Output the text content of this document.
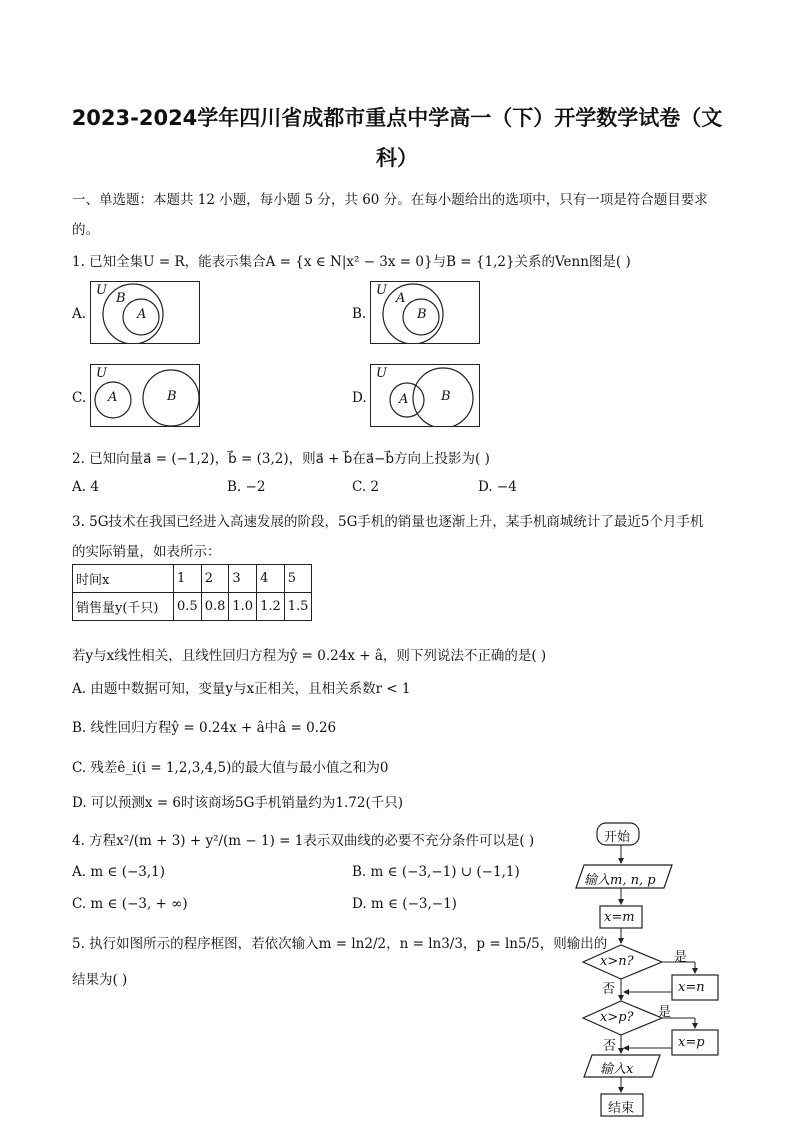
2023-2024学年四川省成都市重点中学高一（下）开学数学试卷（文
科）
一、单选题：本题共 12 小题，每小题 5 分，共 60 分。在每小题给出的选项中，只有一项是符合题目要求
的。
1. 已知全集U = R，能表示集合A = {x ∈ N|x² − 3x = 0}与B = {1,2}关系的Venn图是( )
A.
U
B
A	B.
U
A
B
C.
U
A	B	D.
U
A	B
2. 已知向量a⃗ = (−1,2)，b⃗ = (3,2)，则a⃗ + b⃗在a⃗−b⃗方向上投影为( )
A. 4	B. −2	C. 2	D. −4
3. 5G技术在我国已经进入高速发展的阶段，5G手机的销量也逐渐上升，某手机商城统计了最近5个月手机
的实际销量，如表所示：
时间x	1	2	3	4	5
销售量y(千只)	0.5	0.8	1.0	1.2	1.5
若y与x线性相关，且线性回归方程为ŷ = 0.24x + â，则下列说法不正确的是( )
A. 由题中数据可知，变量y与x正相关，且相关系数r < 1
B. 线性回归方程ŷ = 0.24x + â中â = 0.26
C. 残差ê_i(i = 1,2,3,4,5)的最大值与最小值之和为0
D. 可以预测x = 6时该商场5G手机销量约为1.72(千只)
4. 方程x²/(m + 3) + y²/(m − 1) = 1表示双曲线的必要不充分条件可以是( )
A. m ∈ (−3,1)	B. m ∈ (−3,−1) ∪ (−1,1)
C. m ∈ (−3, + ∞)	D. m ∈ (−3,−1)
5. 执行如图所示的程序框图，若依次输入m = ln2/2，n = ln3/3，p = ln5/5，则输出的
结果为( )
开始
输入m, n, p
x=m
x>n?	是
x=n
否
x>p? 是
x=p
否
输入x
结束
